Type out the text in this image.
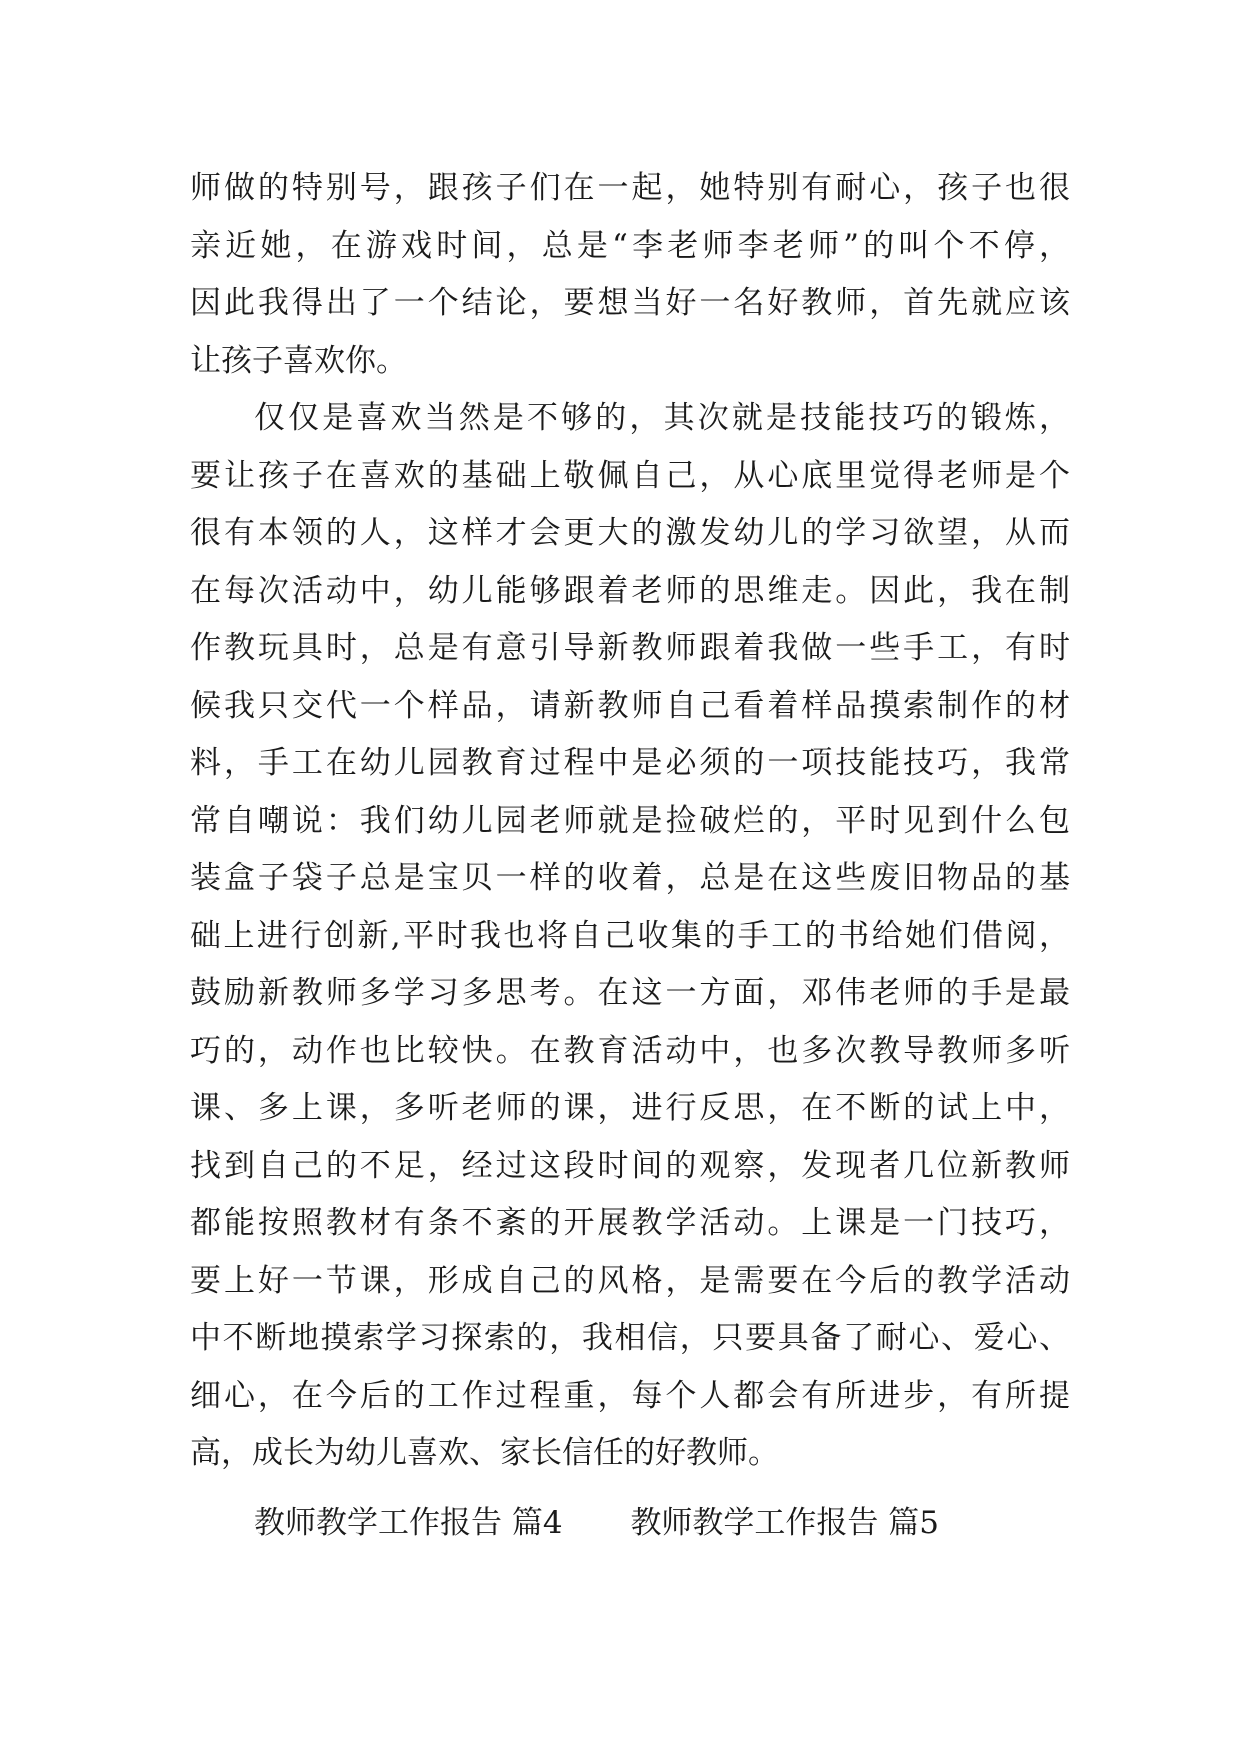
师做的特别号，跟孩子们在一起，她特别有耐心，孩子也很
亲近她，在游戏时间，总是“李老师李老师”的叫个不停，
因此我得出了一个结论，要想当好一名好教师，首先就应该
让孩子喜欢你。
仅仅是喜欢当然是不够的，其次就是技能技巧的锻炼，
要让孩子在喜欢的基础上敬佩自己，从心底里觉得老师是个
很有本领的人，这样才会更大的激发幼儿的学习欲望，从而
在每次活动中，幼儿能够跟着老师的思维走。因此，我在制
作教玩具时，总是有意引导新教师跟着我做一些手工，有时
候我只交代一个样品，请新教师自己看着样品摸索制作的材
料，手工在幼儿园教育过程中是必须的一项技能技巧，我常
常自嘲说：我们幼儿园老师就是捡破烂的，平时见到什么包
装盒子袋子总是宝贝一样的收着，总是在这些废旧物品的基
础上进行创新,平时我也将自己收集的手工的书给她们借阅，
鼓励新教师多学习多思考。在这一方面，邓伟老师的手是最
巧的，动作也比较快。在教育活动中，也多次教导教师多听
课、多上课，多听老师的课，进行反思，在不断的试上中，
找到自己的不足，经过这段时间的观察，发现者几位新教师
都能按照教材有条不紊的开展教学活动。上课是一门技巧，
要上好一节课，形成自己的风格，是需要在今后的教学活动
中不断地摸索学习探索的，我相信，只要具备了耐心、爱心、
细心，在今后的工作过程重，每个人都会有所进步，有所提
高，成长为幼儿喜欢、家长信任的好教师。
教师教学工作报告 篇4 教师教学工作报告 篇5
